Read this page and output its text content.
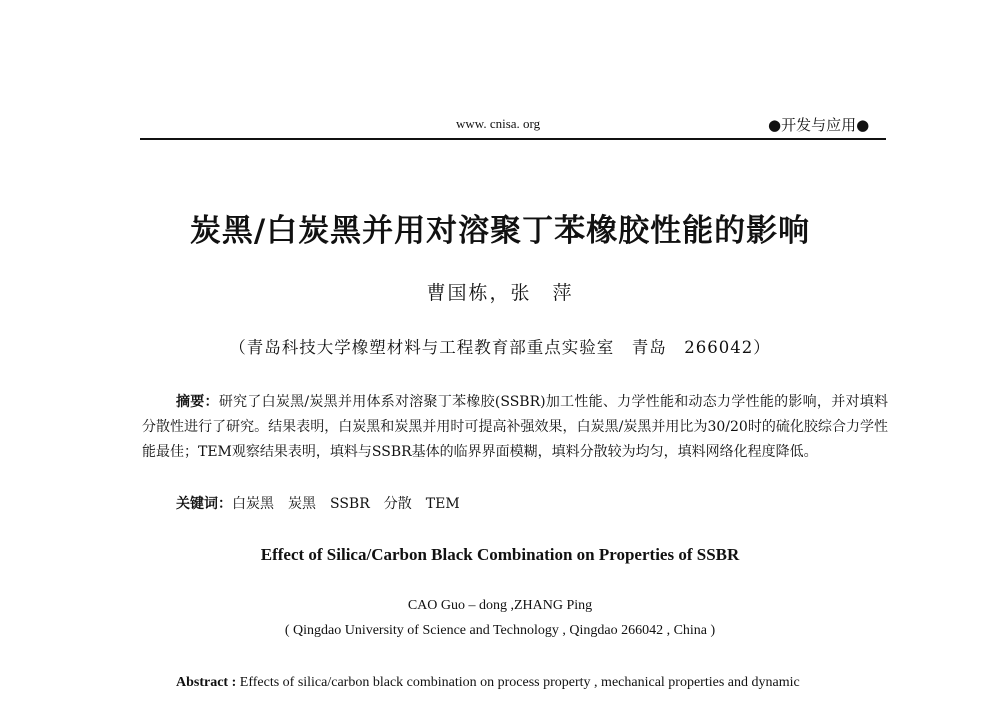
www. cnisa. org	●开发与应用●
炭黑/白炭黑并用对溶聚丁苯橡胶性能的影响
曹国栋，张　萍
（青岛科技大学橡塑材料与工程教育部重点实验室　青岛　266042）

摘要：研究了白炭黑/炭黑并用体系对溶聚丁苯橡胶(SSBR)加工性能、力学性能和动态力学性能的影响，并对填料分散性进行了研究。结果表明，白炭黑和炭黑并用时可提高补强效果，白炭黑/炭黑并用比为30/20时的硫化胶综合力学性能最佳；TEM观察结果表明，填料与SSBR基体的临界界面模糊，填料分散较为均匀，填料网络化程度降低。

关键词：白炭黑　炭黑　SSBR　分散　TEM
Effect of Silica/Carbon Black Combination on Properties of SSBR
CAO Guo – dong ,ZHANG Ping
( Qingdao University of Science and Technology , Qingdao 266042 , China )

Abstract : Effects of silica/carbon black combination on process property , mechanical properties and dynamic
